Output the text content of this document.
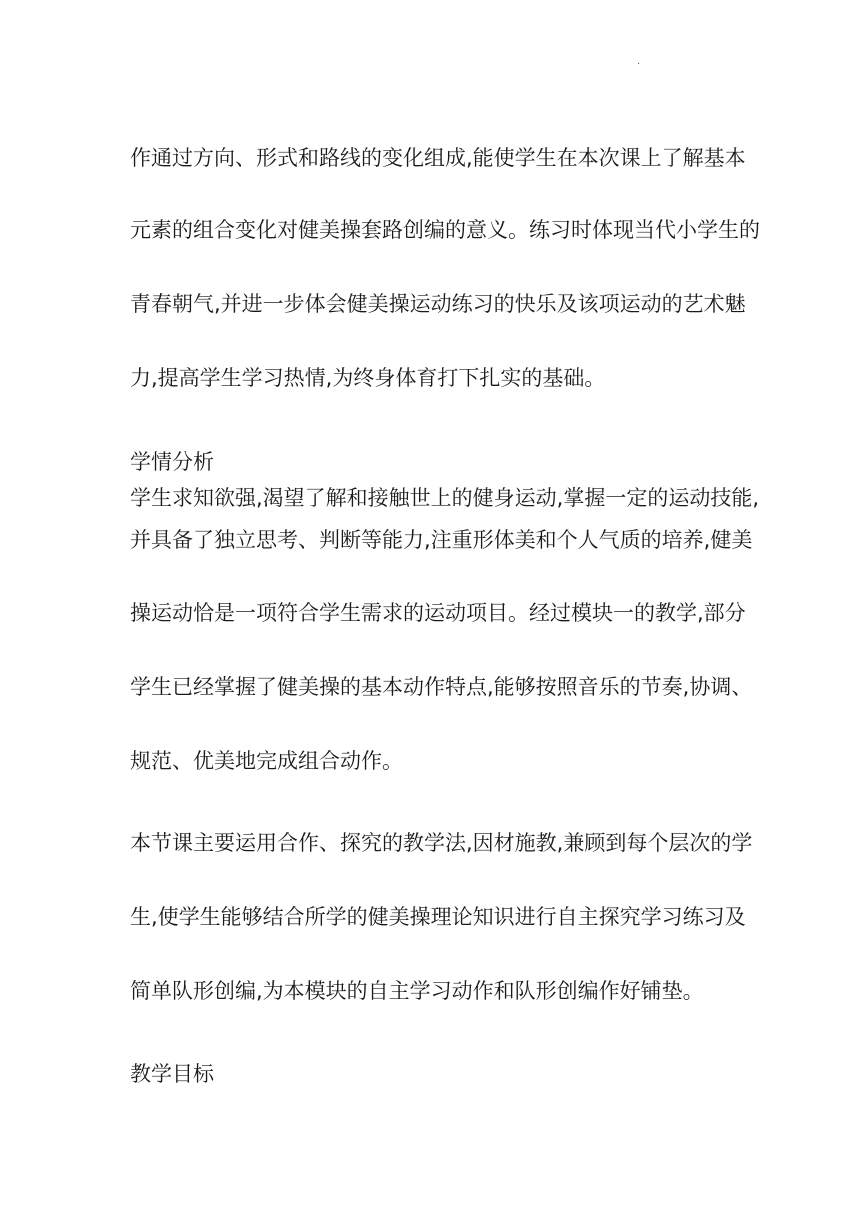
.
作通过方向、形式和路线的变化组成,能使学生在本次课上了解基本
元素的组合变化对健美操套路创编的意义。练习时体现当代小学生的
青春朝气,并进一步体会健美操运动练习的快乐及该项运动的艺术魅
力,提高学生学习热情,为终身体育打下扎实的基础。
学情分析
学生求知欲强,渴望了解和接触世上的健身运动,掌握一定的运动技能,
并具备了独立思考、判断等能力,注重形体美和个人气质的培养,健美
操运动恰是一项符合学生需求的运动项目。经过模块一的教学,部分
学生已经掌握了健美操的基本动作特点,能够按照音乐的节奏,协调、
规范、优美地完成组合动作。
本节课主要运用合作、探究的教学法,因材施教,兼顾到每个层次的学
生,使学生能够结合所学的健美操理论知识进行自主探究学习练习及
简单队形创编,为本模块的自主学习动作和队形创编作好铺垫。
教学目标
